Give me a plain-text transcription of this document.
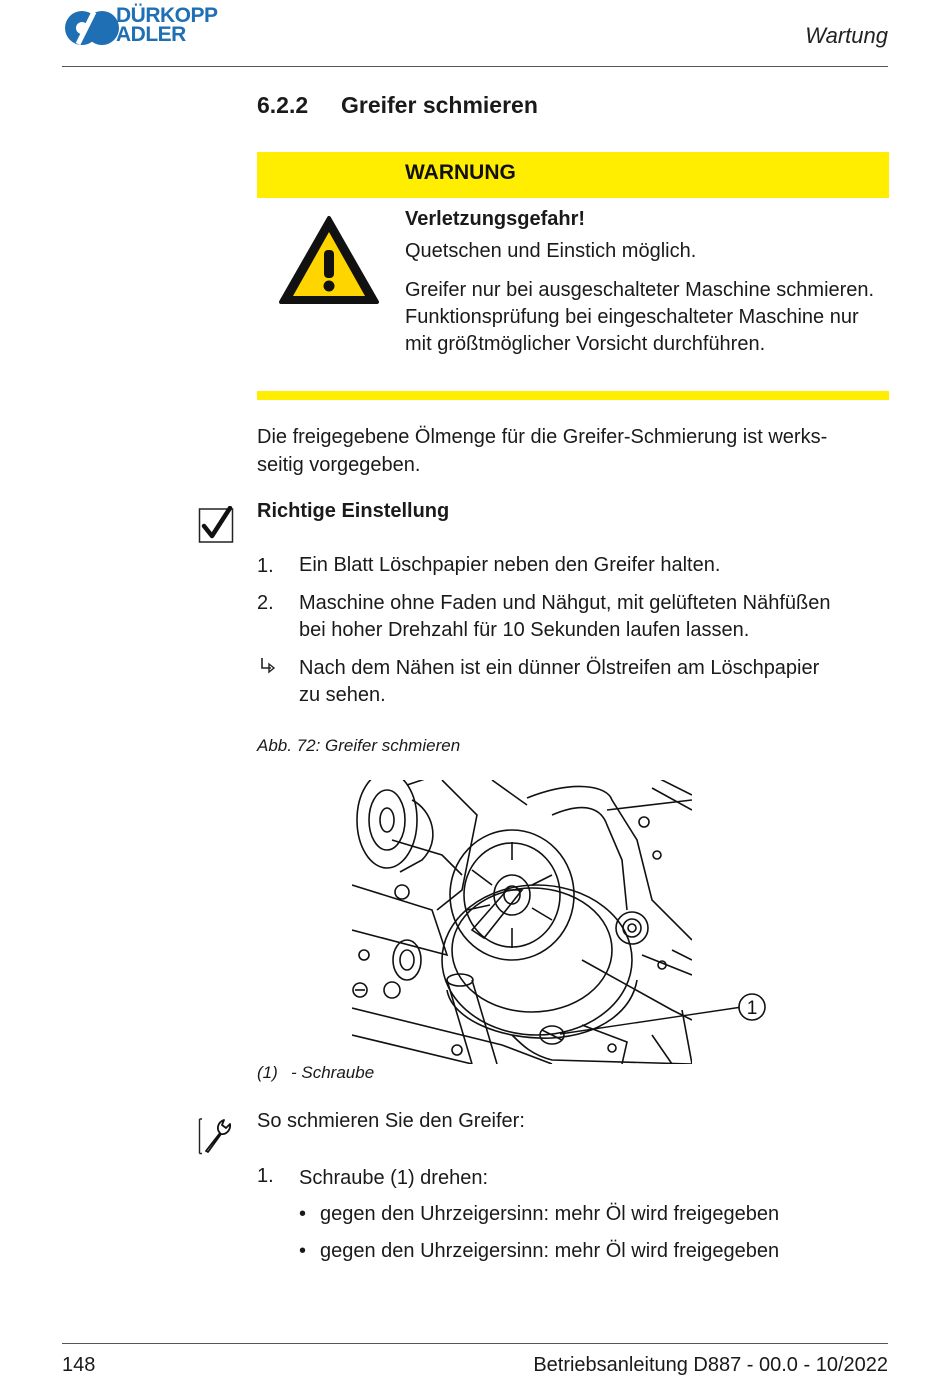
DÜRKOPP
ADLER	Wartung
6.2.2 Greifer schmieren
WARNUNG
Verletzungsgefahr!
Quetschen und Einstich möglich.
Greifer nur bei ausgeschalteter Maschine schmieren. Funktionsprüfung bei eingeschalteter Maschine nur mit größtmöglicher Vorsicht durchführen.
Die freigegebene Ölmenge für die Greifer-Schmierung ist werks-
seitig vorgegeben.
Richtige Einstellung
1. Ein Blatt Löschpapier neben den Greifer halten.
2. Maschine ohne Faden und Nähgut, mit gelüfteten Nähfüßen
bei hoher Drehzahl für 10 Sekunden laufen lassen.
Nach dem Nähen ist ein dünner Ölstreifen am Löschpapier
zu sehen.
Abb. 72: Greifer schmieren
1
(1) - Schraube
So schmieren Sie den Greifer:
1. Schraube (1) drehen:
• gegen den Uhrzeigersinn: mehr Öl wird freigegeben
• gegen den Uhrzeigersinn: mehr Öl wird freigegeben
148	Betriebsanleitung D887 - 00.0 - 10/2022
